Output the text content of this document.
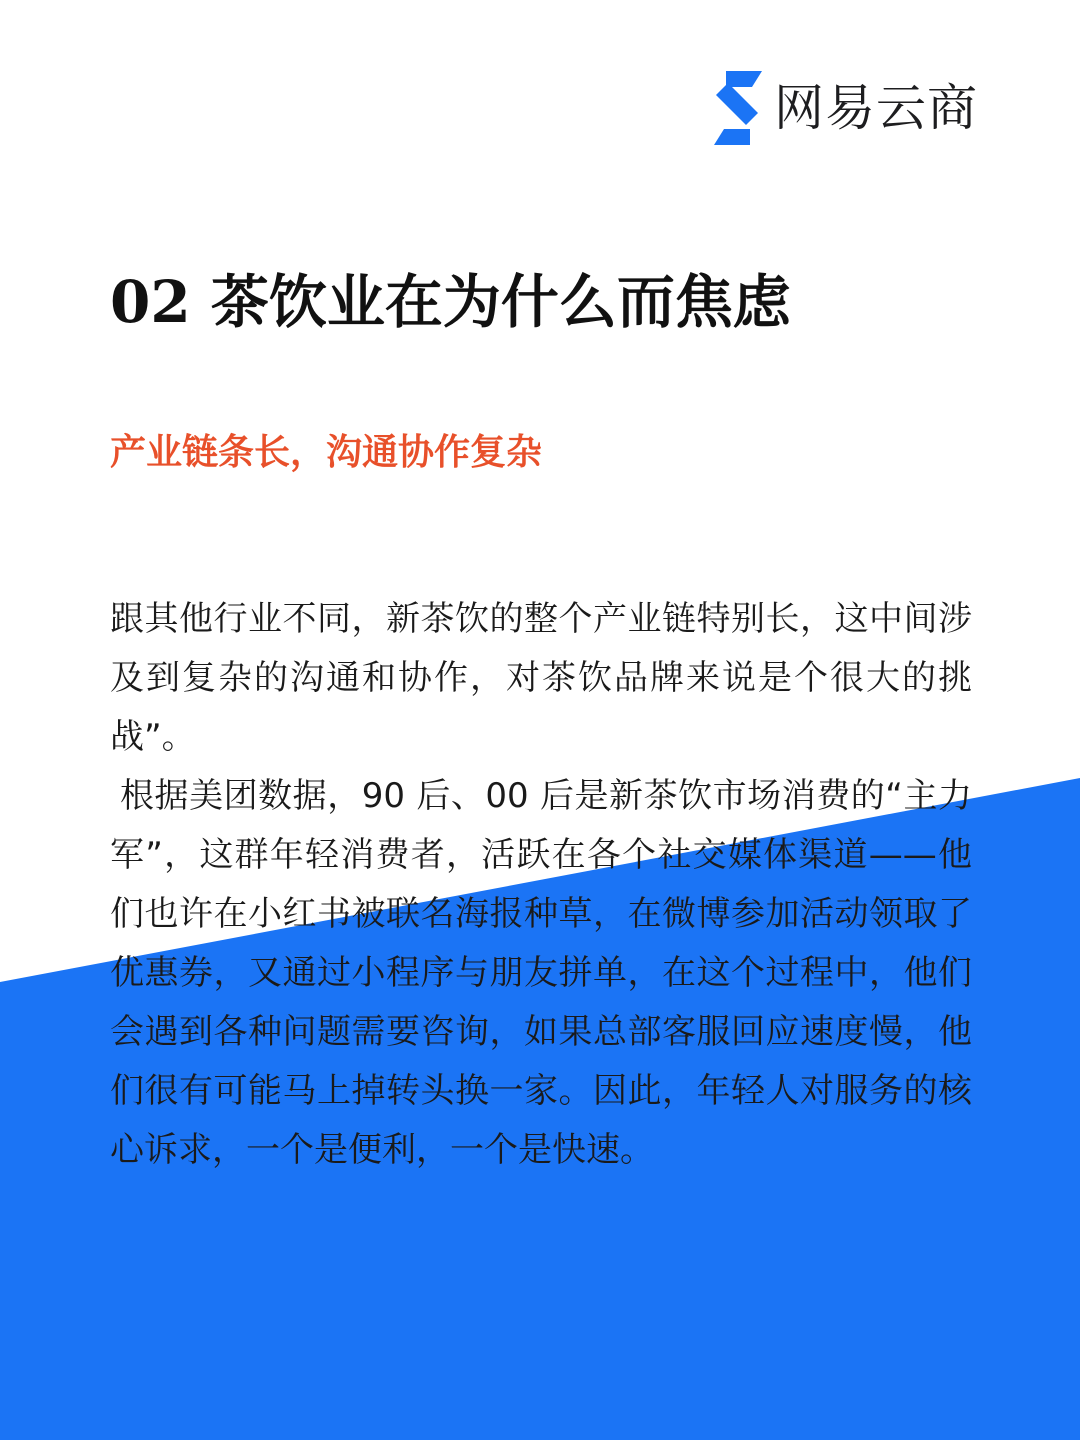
网易云商
02 茶饮业在为什么而焦虑
产业链条长，沟通协作复杂

跟其他行业不同，新茶饮的整个产业链特别长，这中间涉及到复杂的沟通和协作，对茶饮品牌来说是个很大的挑战”。

根据美团数据，90 后、00 后是新茶饮市场消费的“主力军”，这群年轻消费者，活跃在各个社交媒体渠道——他们也许在小红书被联名海报种草，在微博参加活动领取了优惠券，又通过小程序与朋友拼单，在这个过程中，他们会遇到各种问题需要咨询，如果总部客服回应速度慢，他们很有可能马上掉转头换一家。因此，年轻人对服务的核心诉求，一个是便利，一个是快速。
